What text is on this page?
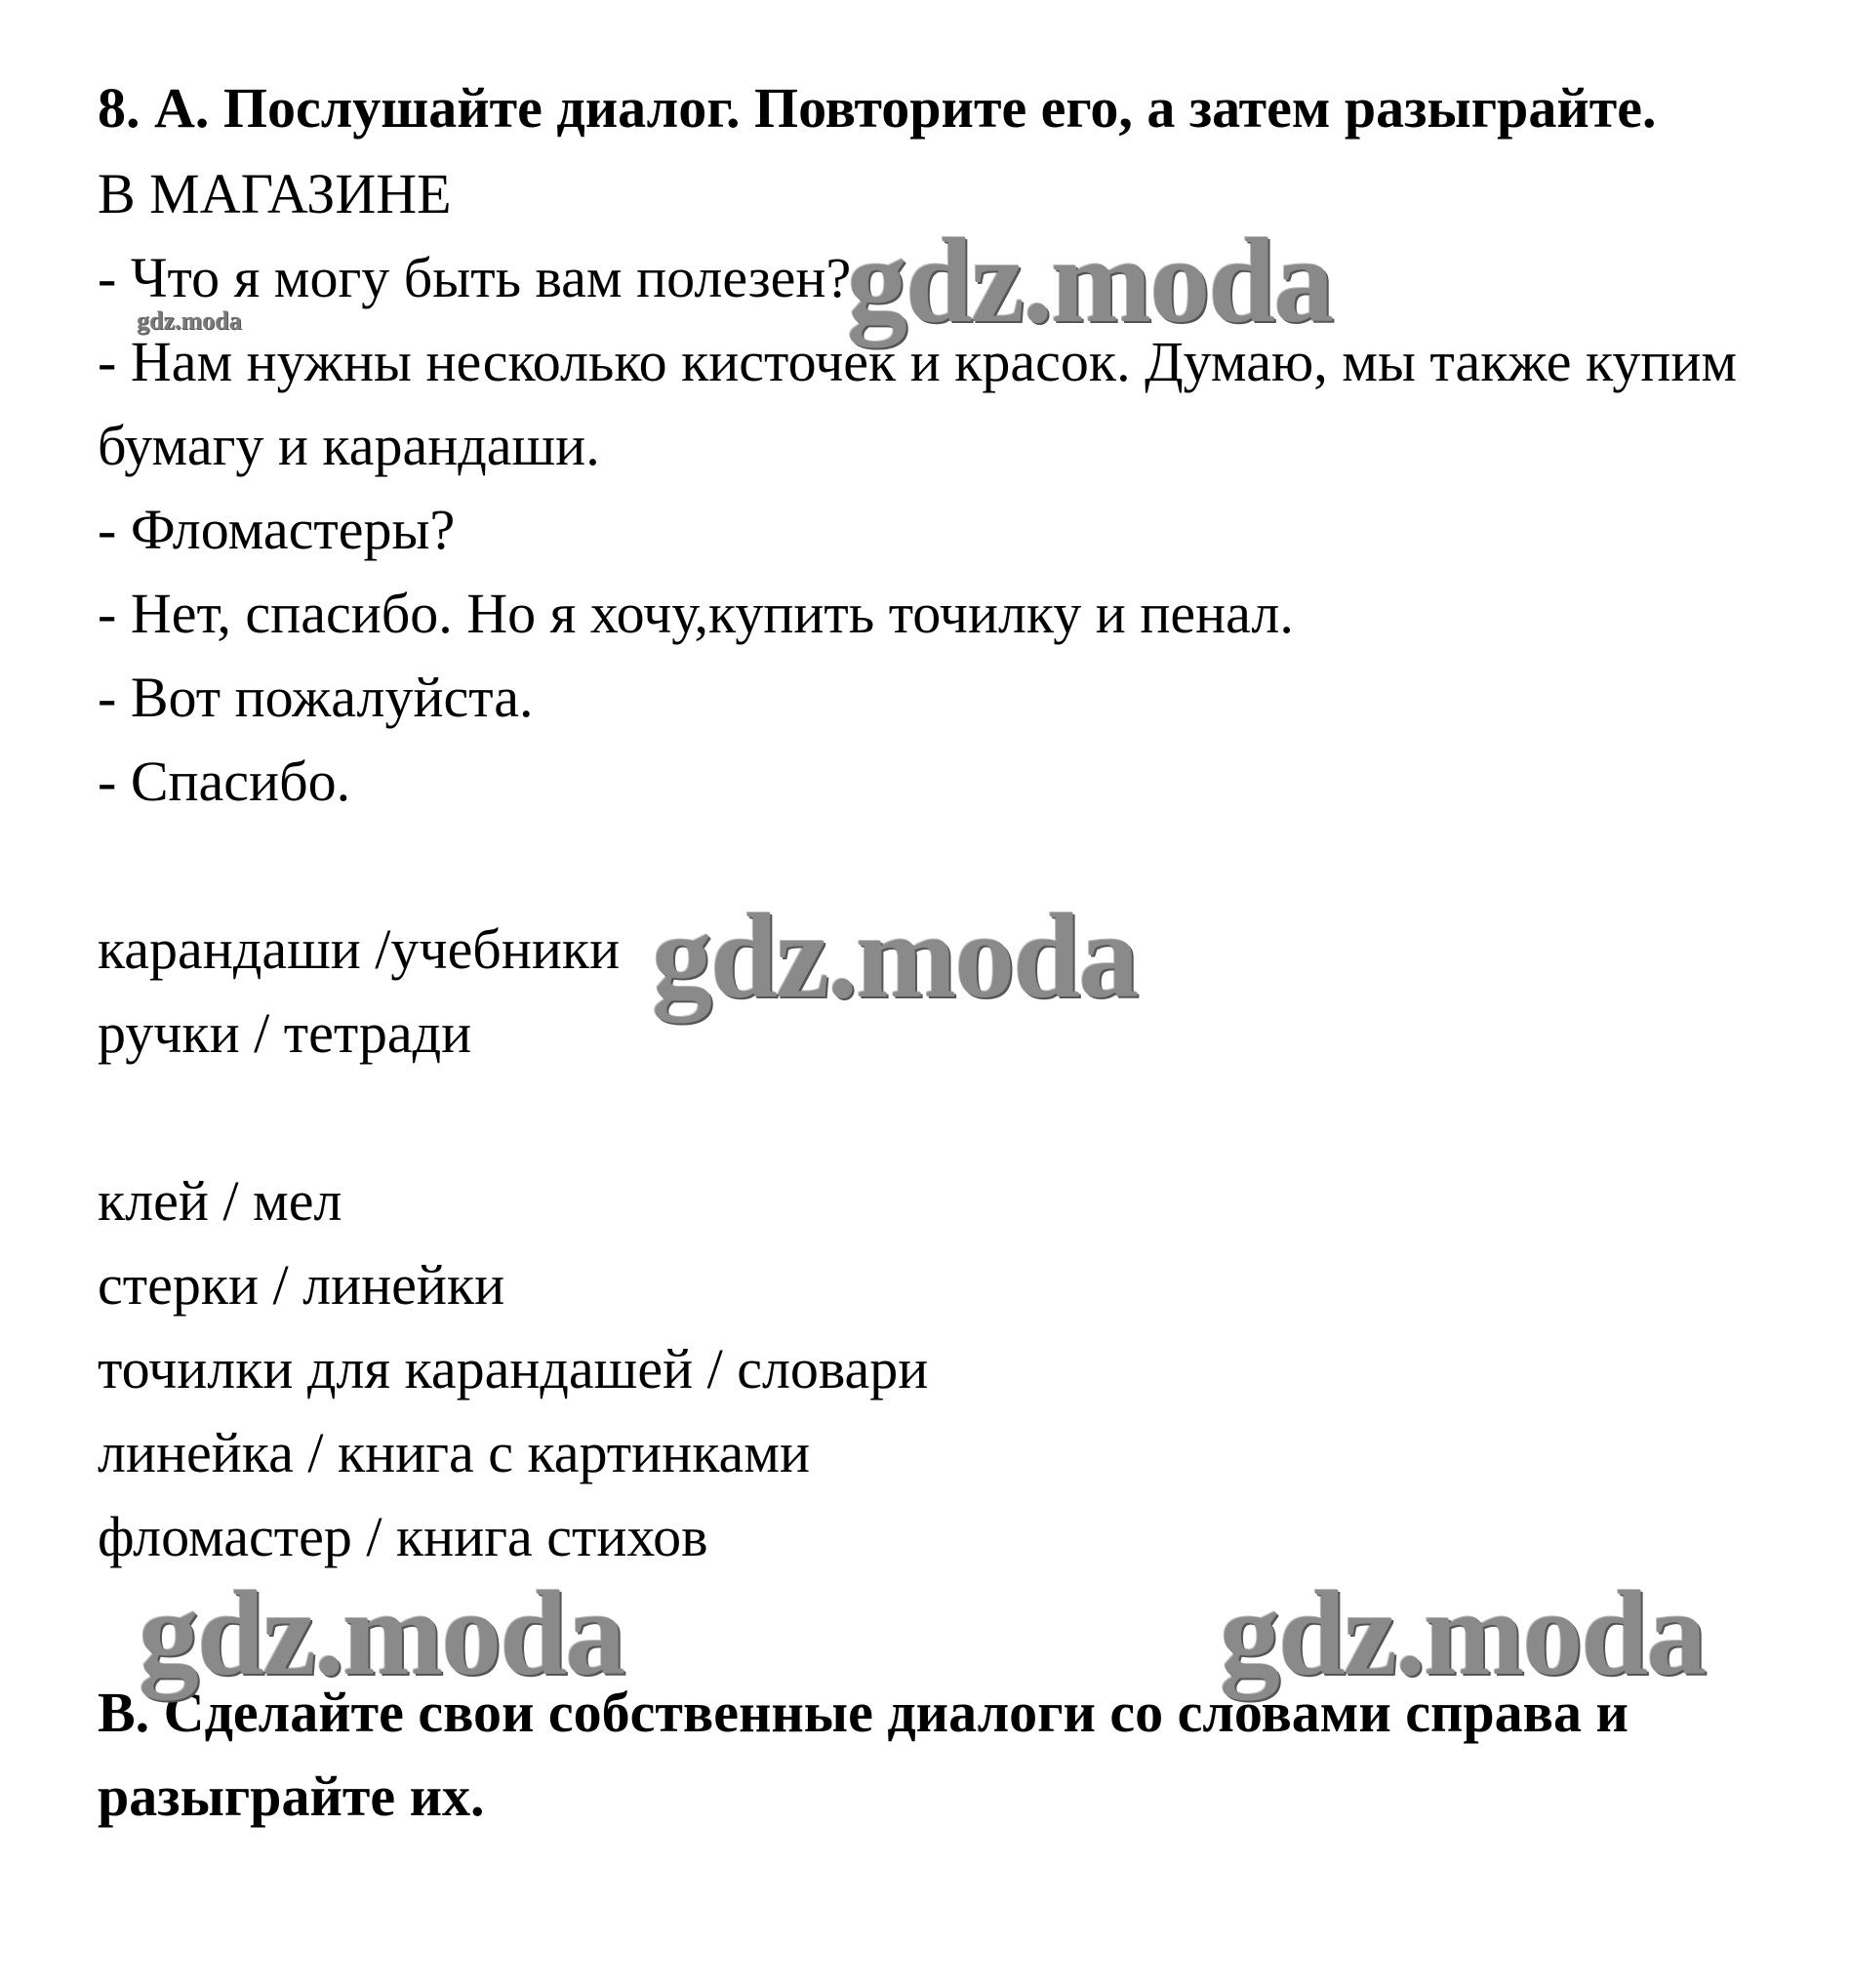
8. А. Послушайте диалог. Повторите его, а затем разыграйте.
В МАГАЗИНЕ
- Что я могу быть вам полезен?
- Нам нужны несколько кисточек и красок. Думаю, мы также купим
бумагу и карандаши.
- Фломастеры?
- Нет, спасибо. Но я хочу,купить точилку и пенал.
- Вот пожалуйста.
- Спасибо.
карандаши /учебники
ручки / тетради
клей / мел
стерки / линейки
точилки для карандашей / словари
линейка / книга с картинками
фломастер / книга стихов
В. Сделайте свои собственные диалоги со словами справа и
разыграйте их.
gdz.moda
gdz.moda
gdz.moda
gdz.moda	gdz.moda
